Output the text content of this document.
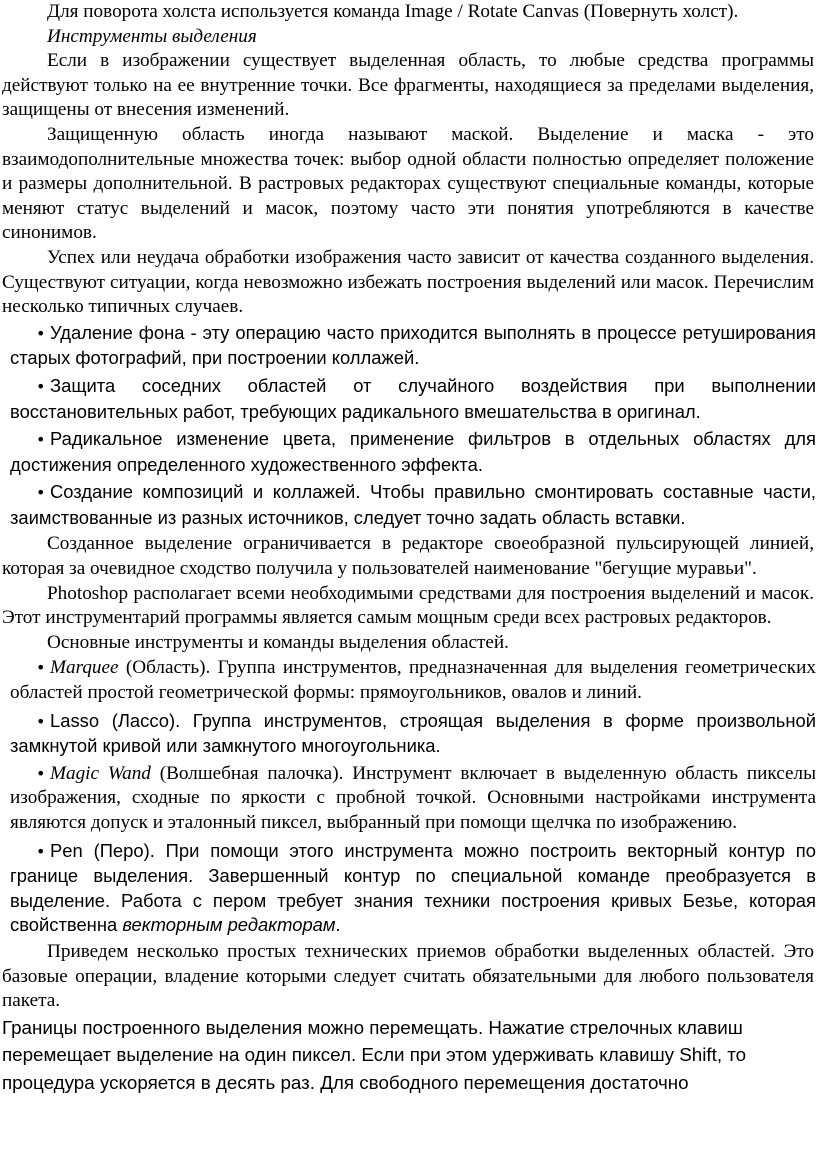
Для поворота холста используется команда Image / Rotate Canvas (Повернуть холст).

Инструменты выделения

Если в изображении существует выделенная область, то любые средства программы действуют только на ее внутренние точки. Все фрагменты, находящиеся за пределами выделения, защищены от внесения изменений.

Защищенную область иногда называют маской. Выделение и маска - это взаимодополнительные множества точек: выбор одной области полностью определяет положение и размеры дополнительной. В растровых редакторах существуют специальные команды, которые меняют статус выделений и масок, поэтому часто эти понятия употребляются в качестве синонимов.

Успех или неудача обработки изображения часто зависит от качества созданного выделения. Существуют ситуации, когда невозможно избежать построения выделений или масок. Перечислим несколько типичных случаев.

• Удаление фона - эту операцию часто приходится выполнять в процессе ретуширования старых фотографий, при построении коллажей.

• Защита соседних областей от случайного воздействия при выполнении восстановительных работ, требующих радикального вмешательства в оригинал.

• Радикальное изменение цвета, применение фильтров в отдельных областях для достижения определенного художественного эффекта.

• Создание композиций и коллажей. Чтобы правильно смонтировать составные части, заимствованные из разных источников, следует точно задать область вставки.

Созданное выделение ограничивается в редакторе своеобразной пульсирующей линией, которая за очевидное сходство получила у пользователей наименование "бегущие муравьи".

Photoshop располагает всеми необходимыми средствами для построения выделений и масок. Этот инструментарий программы является самым мощным среди всех растровых редакторов.

Основные инструменты и команды выделения областей.

• Marquee (Область). Группа инструментов, предназначенная для выделения геометрических областей простой геометрической формы: прямоугольников, овалов и линий.

• Lasso (Лассо). Группа инструментов, строящая выделения в форме произвольной замкнутой кривой или замкнутого многоугольника.

• Magic Wand (Волшебная палочка). Инструмент включает в выделенную область пикселы изображения, сходные по яркости с пробной точкой. Основными настройками инструмента являются допуск и эталонный пиксел, выбранный при помощи щелчка по изображению.

• Pen (Перо). При помощи этого инструмента можно построить векторный контур по границе выделения. Завершенный контур по специальной команде преобразуется в выделение. Работа с пером требует знания техники построения кривых Безье, которая свойственна векторным редакторам.

Приведем несколько простых технических приемов обработки выделенных областей. Это базовые операции, владение которыми следует считать обязательными для любого пользователя пакета.

Границы построенного выделения можно перемещать. Нажатие стрелочных клавиш перемещает выделение на один пиксел. Если при этом удерживать клавишу Shift, то процедура ускоряется в десять раз. Для свободного перемещения достаточно
